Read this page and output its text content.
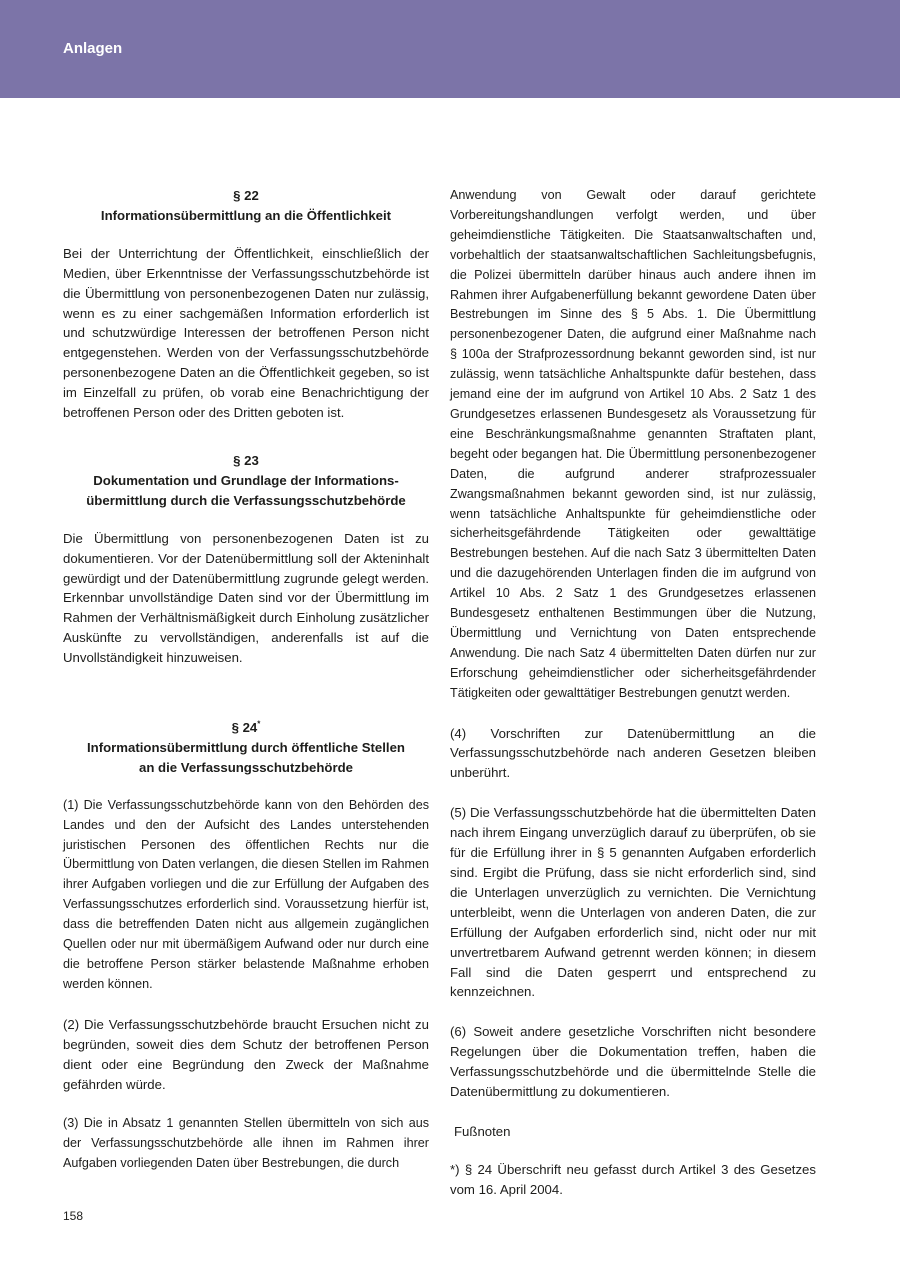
Anlagen
§ 22
Informationsübermittlung an die Öffentlichkeit

Bei der Unterrichtung der Öffentlichkeit, einschließlich der Medien, über Erkenntnisse der Verfassungsschutzbehörde ist die Übermittlung von personenbezogenen Daten nur zulässig, wenn es zu einer sachgemäßen Information erforderlich ist und schutzwürdige Interessen der betroffenen Person nicht entgegenstehen. Werden von der Verfassungsschutzbehörde personenbezogene Daten an die Öffentlichkeit gegeben, so ist im Einzelfall zu prüfen, ob vorab eine Benachrichtigung der betroffenen Person oder des Dritten geboten ist.

§ 23
Dokumentation und Grundlage der Informations-
übermittlung durch die Verfassungsschutzbehörde

Die Übermittlung von personenbezogenen Daten ist zu dokumentieren. Vor der Datenübermittlung soll der Akteninhalt gewürdigt und der Datenübermittlung zugrunde gelegt werden. Erkennbar unvollständige Daten sind vor der Übermittlung im Rahmen der Verhältnismäßigkeit durch Einholung zusätzlicher Auskünfte zu vervollständigen, anderenfalls ist auf die Unvollständigkeit hinzuweisen.

§ 24*
Informationsübermittlung durch öffentliche Stellen
an die Verfassungsschutzbehörde

(1) Die Verfassungsschutzbehörde kann von den Behörden des Landes und den der Aufsicht des Landes unterstehenden juristischen Personen des öffentlichen Rechts nur die Übermittlung von Daten verlangen, die diesen Stellen im Rahmen ihrer Aufgaben vorliegen und die zur Erfüllung der Aufgaben des Verfassungsschutzes erforderlich sind. Voraussetzung hierfür ist, dass die betreffenden Daten nicht aus allgemein zugänglichen Quellen oder nur mit übermäßigem Aufwand oder nur durch eine die betroffene Person stärker belastende Maßnahme erhoben werden können.

(2) Die Verfassungsschutzbehörde braucht Ersuchen nicht zu begründen, soweit dies dem Schutz der betroffenen Person dient oder eine Begründung den Zweck der Maßnahme gefährden würde.

(3) Die in Absatz 1 genannten Stellen übermitteln von sich aus der Verfassungsschutzbehörde alle ihnen im Rahmen ihrer Aufgaben vorliegenden Daten über Bestrebungen, die durch

Anwendung von Gewalt oder darauf gerichtete Vorbereitungshandlungen verfolgt werden, und über geheimdienstliche Tätigkeiten. Die Staatsanwaltschaften und, vorbehaltlich der staatsanwaltschaftlichen Sachleitungsbefugnis, die Polizei übermitteln darüber hinaus auch andere ihnen im Rahmen ihrer Aufgabenerfüllung bekannt gewordene Daten über Bestrebungen im Sinne des § 5 Abs. 1. Die Übermittlung personenbezogener Daten, die aufgrund einer Maßnahme nach § 100a der Strafprozessordnung bekannt geworden sind, ist nur zulässig, wenn tatsächliche Anhaltspunkte dafür bestehen, dass jemand eine der im aufgrund von Artikel 10 Abs. 2 Satz 1 des Grundgesetzes erlassenen Bundesgesetz als Voraussetzung für eine Beschränkungsmaßnahme genannten Straftaten plant, begeht oder begangen hat. Die Übermittlung personenbezogener Daten, die aufgrund anderer strafprozessualer Zwangsmaßnahmen bekannt geworden sind, ist nur zulässig, wenn tatsächliche Anhaltspunkte für geheimdienstliche oder sicherheitsgefährdende Tätigkeiten oder gewalttätige Bestrebungen bestehen. Auf die nach Satz 3 übermittelten Daten und die dazugehörenden Unterlagen finden die im aufgrund von Artikel 10 Abs. 2 Satz 1 des Grundgesetzes erlassenen Bundesgesetz enthaltenen Bestimmungen über die Nutzung, Übermittlung und Vernichtung von Daten entsprechende Anwendung. Die nach Satz 4 übermittelten Daten dürfen nur zur Erforschung geheimdienstlicher oder sicherheitsgefährdender Tätigkeiten oder gewalttätiger Bestrebungen genutzt werden.

(4) Vorschriften zur Datenübermittlung an die Verfassungsschutzbehörde nach anderen Gesetzen bleiben unberührt.

(5) Die Verfassungsschutzbehörde hat die übermittelten Daten nach ihrem Eingang unverzüglich darauf zu überprüfen, ob sie für die Erfüllung ihrer in § 5 genannten Aufgaben erforderlich sind. Ergibt die Prüfung, dass sie nicht erforderlich sind, sind die Unterlagen unverzüglich zu vernichten. Die Vernichtung unterbleibt, wenn die Unterlagen von anderen Daten, die zur Erfüllung der Aufgaben erforderlich sind, nicht oder nur mit unvertretbarem Aufwand getrennt werden können; in diesem Fall sind die Daten gesperrt und entsprechend zu kennzeichnen.

(6) Soweit andere gesetzliche Vorschriften nicht besondere Regelungen über die Dokumentation treffen, haben die Verfassungsschutzbehörde und die übermittelnde Stelle die Datenübermittlung zu dokumentieren.

Fußnoten

*) § 24 Überschrift neu gefasst durch Artikel 3 des Gesetzes vom 16. April 2004.

158
